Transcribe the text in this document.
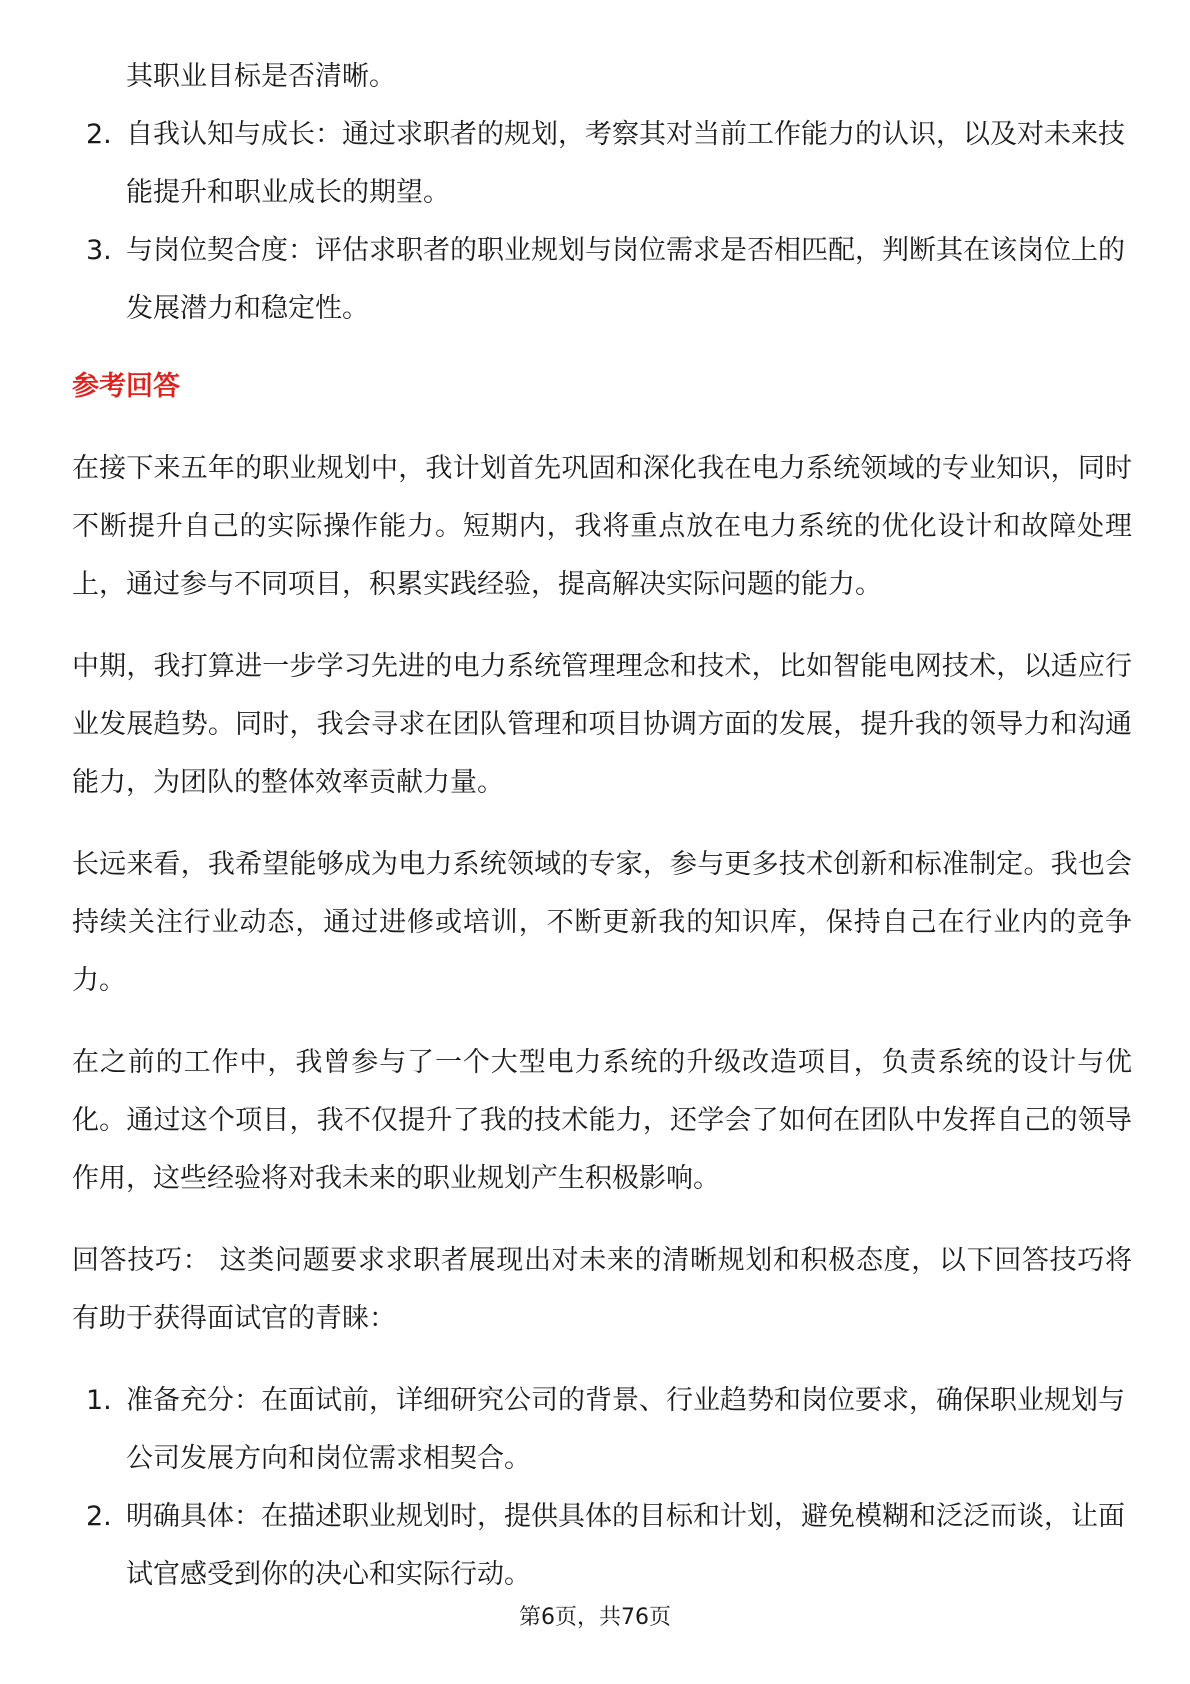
其职业目标是否清晰。
2. 自我认知与成长：通过求职者的规划，考察其对当前工作能力的认识，以及对未来技能提升和职业成长的期望。
3. 与岗位契合度：评估求职者的职业规划与岗位需求是否相匹配，判断其在该岗位上的发展潜力和稳定性。
参考回答

在接下来五年的职业规划中，我计划首先巩固和深化我在电力系统领域的专业知识，同时不断提升自己的实际操作能力。短期内，我将重点放在电力系统的优化设计和故障处理上，通过参与不同项目，积累实践经验，提高解决实际问题的能力。

中期，我打算进一步学习先进的电力系统管理理念和技术，比如智能电网技术，以适应行业发展趋势。同时，我会寻求在团队管理和项目协调方面的发展，提升我的领导力和沟通能力，为团队的整体效率贡献力量。

长远来看，我希望能够成为电力系统领域的专家，参与更多技术创新和标准制定。我也会持续关注行业动态，通过进修或培训，不断更新我的知识库，保持自己在行业内的竞争力。

在之前的工作中，我曾参与了一个大型电力系统的升级改造项目，负责系统的设计与优化。通过这个项目，我不仅提升了我的技术能力，还学会了如何在团队中发挥自己的领导作用，这些经验将对我未来的职业规划产生积极影响。

回答技巧： 这类问题要求求职者展现出对未来的清晰规划和积极态度，以下回答技巧将有助于获得面试官的青睐：

1. 准备充分：在面试前，详细研究公司的背景、行业趋势和岗位要求，确保职业规划与公司发展方向和岗位需求相契合。
2. 明确具体：在描述职业规划时，提供具体的目标和计划，避免模糊和泛泛而谈，让面试官感受到你的决心和实际行动。
第6页，共76页
